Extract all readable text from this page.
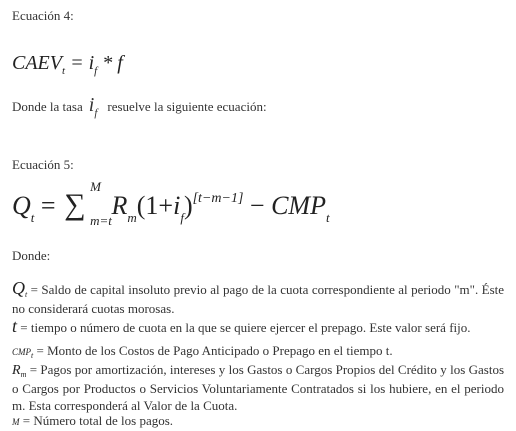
Ecuación 4:
$CAEV_t = i_f * f$
Donde la tasa $i_f$ resuelve la siguiente ecuación:
Ecuación 5:
$Q_t$ = ∑
M
m=t
$R_m(1+i_f)[t-m-1] - CMP_t$
Donde:
Qt = Saldo de capital insoluto previo al pago de la cuota correspondiente al periodo "m". Éste no considerará cuotas morosas.
t = tiempo o número de cuota en la que se quiere ejercer el prepago. Este valor será fijo.
CMPt = Monto de los Costos de Pago Anticipado o Prepago en el tiempo t.
$R_m$ = Pagos por amortización, intereses y los Gastos o Cargos Propios del Crédito y los Gastos o Cargos por Productos o Servicios Voluntariamente Contratados si los hubiere, en el periodo m. Esta corresponderá al Valor de la Cuota.
M = Número total de los pagos.
